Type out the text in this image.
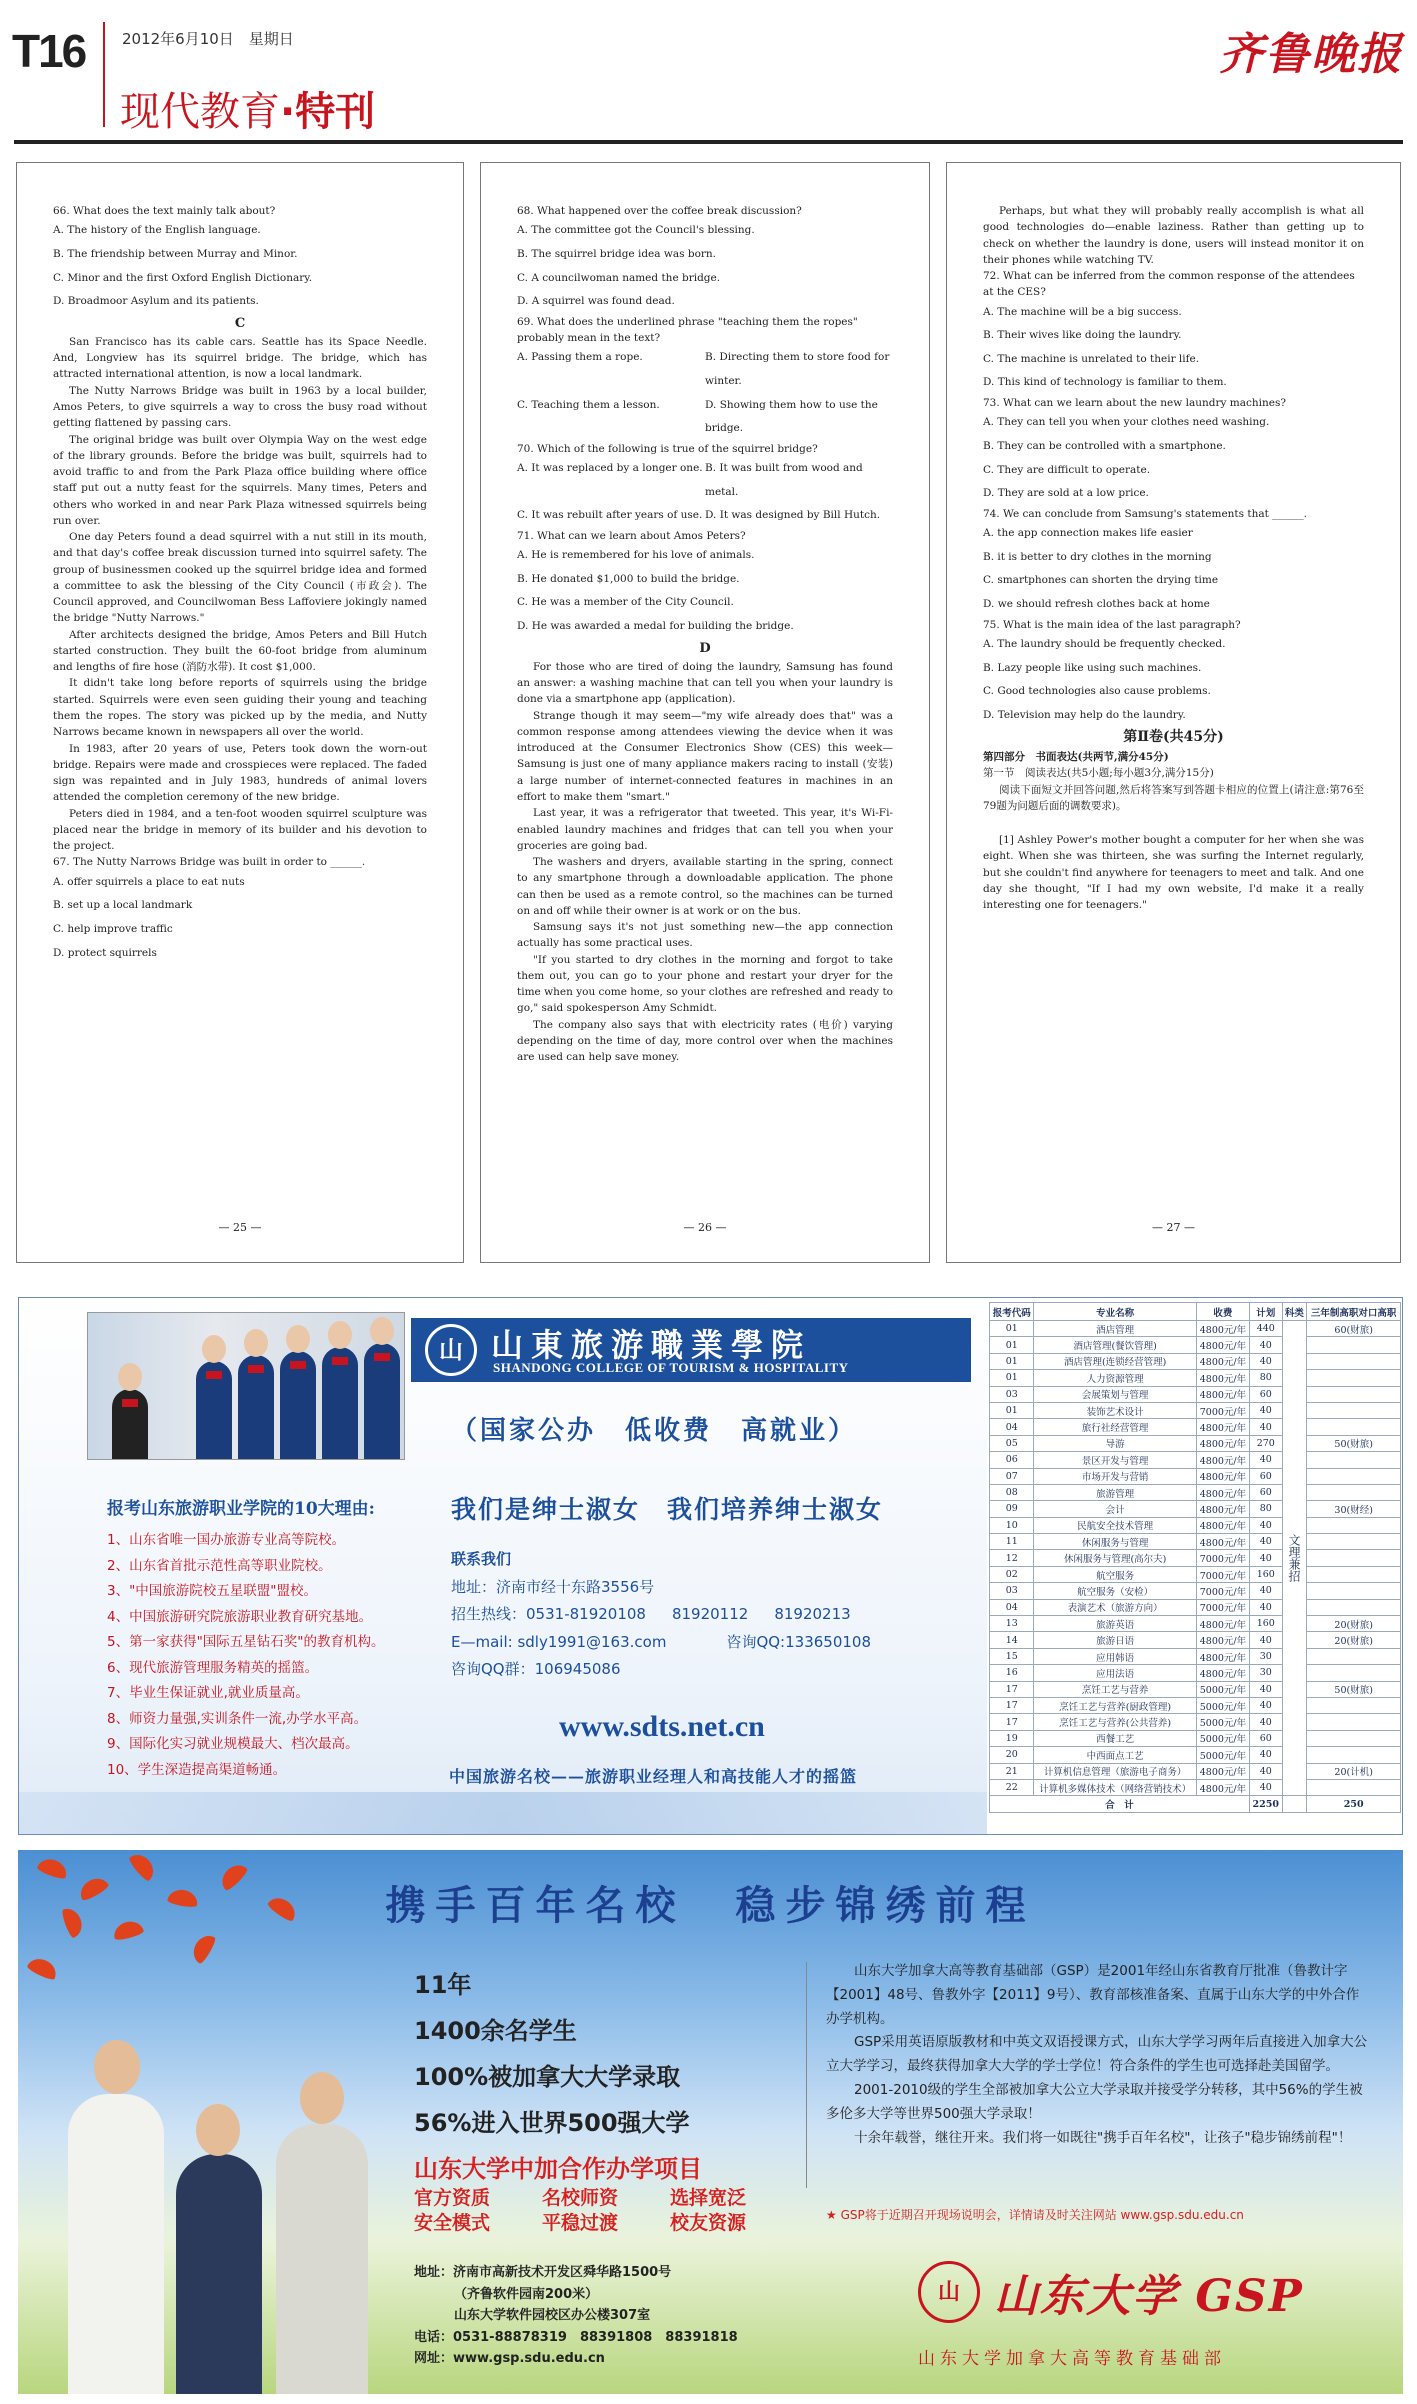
T16 2012年6月10日　星期日
现代教育·特刊
齐鲁晚报
66. What does the text mainly talk about?
A. The history of the English language.
B. The friendship between Murray and Minor.
C. Minor and the first Oxford English Dictionary.
D. Broadmoor Asylum and its patients.
C

San Francisco has its cable cars. Seattle has its Space Needle. And, Longview has its squirrel bridge. The bridge, which has attracted international attention, is now a local landmark.

The Nutty Narrows Bridge was built in 1963 by a local builder, Amos Peters, to give squirrels a way to cross the busy road without getting flattened by passing cars.

The original bridge was built over Olympia Way on the west edge of the library grounds. Before the bridge was built, squirrels had to avoid traffic to and from the Park Plaza office building where office staff put out a nutty feast for the squirrels. Many times, Peters and others who worked in and near Park Plaza witnessed squirrels being run over.

One day Peters found a dead squirrel with a nut still in its mouth, and that day's coffee break discussion turned into squirrel safety. The group of businessmen cooked up the squirrel bridge idea and formed a committee to ask the blessing of the City Council (市政会). The Council approved, and Councilwoman Bess Laffoviere jokingly named the bridge "Nutty Narrows."

After architects designed the bridge, Amos Peters and Bill Hutch started construction. They built the 60-foot bridge from aluminum and lengths of fire hose (消防水带). It cost $1,000.

It didn't take long before reports of squirrels using the bridge started. Squirrels were even seen guiding their young and teaching them the ropes. The story was picked up by the media, and Nutty Narrows became known in newspapers all over the world.

In 1983, after 20 years of use, Peters took down the worn-out bridge. Repairs were made and crosspieces were replaced. The faded sign was repainted and in July 1983, hundreds of animal lovers attended the completion ceremony of the new bridge.

Peters died in 1984, and a ten-foot wooden squirrel sculpture was placed near the bridge in memory of its builder and his devotion to the project.

67. The Nutty Narrows Bridge was built in order to ______.
A. offer squirrels a place to eat nuts
B. set up a local landmark
C. help improve traffic
D. protect squirrels
— 25 —
68. What happened over the coffee break discussion?
A. The committee got the Council's blessing.
B. The squirrel bridge idea was born.
C. A councilwoman named the bridge.
D. A squirrel was found dead.
69. What does the underlined phrase "teaching them the ropes" probably mean in the text?
A. Passing them a rope.	B. Directing them to store food for winter.
C. Teaching them a lesson.	D. Showing them how to use the bridge.
70. Which of the following is true of the squirrel bridge?
A. It was replaced by a longer one. B. It was built from wood and metal.
C. It was rebuilt after years of use. D. It was designed by Bill Hutch.
71. What can we learn about Amos Peters?
A. He is remembered for his love of animals.
B. He donated $1,000 to build the bridge.
C. He was a member of the City Council.
D. He was awarded a medal for building the bridge.
D

For those who are tired of doing the laundry, Samsung has found an answer: a washing machine that can tell you when your laundry is done via a smartphone app (application).

Strange though it may seem—"my wife already does that" was a common response among attendees viewing the device when it was introduced at the Consumer Electronics Show (CES) this week—Samsung is just one of many appliance makers racing to install (安装) a large number of internet-connected features in machines in an effort to make them "smart."

Last year, it was a refrigerator that tweeted. This year, it's Wi-Fi-enabled laundry machines and fridges that can tell you when your groceries are going bad.

The washers and dryers, available starting in the spring, connect to any smartphone through a downloadable application. The phone can then be used as a remote control, so the machines can be turned on and off while their owner is at work or on the bus.

Samsung says it's not just something new—the app connection actually has some practical uses.

"If you started to dry clothes in the morning and forgot to take them out, you can go to your phone and restart your dryer for the time when you come home, so your clothes are refreshed and ready to go," said spokesperson Amy Schmidt.

The company also says that with electricity rates (电价) varying depending on the time of day, more control over when the machines are used can help save money.

— 26 —

Perhaps, but what they will probably really accomplish is what all good technologies do—enable laziness. Rather than getting up to check on whether the laundry is done, users will instead monitor it on their phones while watching TV.

72. What can be inferred from the common response of the attendees at the CES?
A. The machine will be a big success.
B. Their wives like doing the laundry.
C. The machine is unrelated to their life.
D. This kind of technology is familiar to them.
73. What can we learn about the new laundry machines?
A. They can tell you when your clothes need washing.
B. They can be controlled with a smartphone.
C. They are difficult to operate.
D. They are sold at a low price.
74. We can conclude from Samsung's statements that ______.
A. the app connection makes life easier
B. it is better to dry clothes in the morning
C. smartphones can shorten the drying time
D. we should refresh clothes back at home
75. What is the main idea of the last paragraph?
A. The laundry should be frequently checked.
B. Lazy people like using such machines.
C. Good technologies also cause problems.
D. Television may help do the laundry.
第Ⅱ卷(共45分)
第四部分　书面表达(共两节,满分45分)
第一节　阅读表达(共5小题;每小题3分,满分15分)

阅读下面短文并回答问题,然后将答案写到答题卡相应的位置上(请注意:第76至79题为问题后面的调数要求)。

[1] Ashley Power's mother bought a computer for her when she was eight. When she was thirteen, she was surfing the Internet regularly, but she couldn't find anywhere for teenagers to meet and talk. And one day she thought, "If I had my own website, I'd make it a really interesting one for teenagers."

— 27 —
山 山東旅游職業學院
SHANDONG COLLEGE OF TOURISM & HOSPITALITY
（国家公办　低收费　高就业）
报考山东旅游职业学院的10大理由:
1、山东省唯一国办旅游专业高等院校。
2、山东省首批示范性高等职业院校。
3、"中国旅游院校五星联盟"盟校。
4、中国旅游研究院旅游职业教育研究基地。
5、第一家获得"国际五星钻石奖"的教育机构。
6、现代旅游管理服务精英的摇篮。
7、毕业生保证就业,就业质量高。
8、师资力量强,实训条件一流,办学水平高。
9、国际化实习就业规模最大、档次最高。
10、学生深造提高渠道畅通。
我们是绅士淑女　我们培养绅士淑女
联系我们
地址：济南市经十东路3556号
招生热线： 0531-81920108 81920112 81920213
E—mail: sdly1991@163.com	咨询QQ:133650108
咨询QQ群：106945086
www.sdts.net.cn
中国旅游名校——旅游职业经理人和高技能人才的摇篮
报考代码	专业名称	收费	计划	科类	三年制高职对口高职
01	酒店管理	4800元/年	440	文理兼招	60(财旅)
01	酒店管理(餐饮管理)	4800元/年	40		
01	酒店管理(连锁经营管理)	4800元/年	40		
01	人力资源管理	4800元/年	80		
03	会展策划与管理	4800元/年	60		
01	装饰艺术设计	7000元/年	40		
04	旅行社经营管理	4800元/年	40		
05	导游	4800元/年	270		50(财旅)
06	景区开发与管理	4800元/年	40		
07	市场开发与营销	4800元/年	60		
08	旅游管理	4800元/年	60		
09	会计	4800元/年	80		30(财经)
10	民航安全技术管理	4800元/年	40		
11	休闲服务与管理	4800元/年	40		
12	休闲服务与管理(高尔夫)	7000元/年	40		
02	航空服务	7000元/年	160		
03	航空服务（安检）	7000元/年	40		
04	表演艺术（旅游方向）	7000元/年	40		
13	旅游英语	4800元/年	160		20(财旅)
14	旅游日语	4800元/年	40		20(财旅)
15	应用韩语	4800元/年	30		
16	应用法语	4800元/年	30		
17	烹饪工艺与营养	5000元/年	40		50(财旅)
17	烹饪工艺与营养(厨政管理)	5000元/年	40		
17	烹饪工艺与营养(公共营养)	5000元/年	40		
19	西餐工艺	5000元/年	60		
20	中西面点工艺	5000元/年	40		
21	计算机信息管理（旅游电子商务）	4800元/年	40		20(计机)
22	计算机多媒体技术（网络营销技术）	4800元/年	40		
合　计			2250		250
携手百年名校　稳步锦绣前程
11年
1400余名学生
100%被加拿大大学录取
56%进入世界500强大学
山东大学中加合作办学项目
官方资质	名校师资	选择宽泛
安全模式	平稳过渡	校友资源
地址：济南市高新技术开发区舜华路1500号
（齐鲁软件园南200米）
山东大学软件园校区办公楼307室
电话：0531-88878319　88391808　88391818
网址：www.gsp.sdu.edu.cn

山东大学加拿大高等教育基础部（GSP）是2001年经山东省教育厅批准（鲁教计字【2001】48号、鲁教外字【2011】9号）、教育部核准备案、直属于山东大学的中外合作办学机构。

GSP采用英语原版教材和中英文双语授课方式，山东大学学习两年后直接进入加拿大公立大学学习，最终获得加拿大大学的学士学位！符合条件的学生也可选择赴美国留学。

2001-2010级的学生全部被加拿大公立大学录取并接受学分转移，其中56%的学生被多伦多大学等世界500强大学录取！

十余年载誉，继往开来。我们将一如既往"携手百年名校"，让孩子"稳步锦绣前程"！

★ GSP将于近期召开现场说明会，详情请及时关注网站 www.gsp.sdu.edu.cn
山 山东大学 GSP
山东大学加拿大高等教育基础部
